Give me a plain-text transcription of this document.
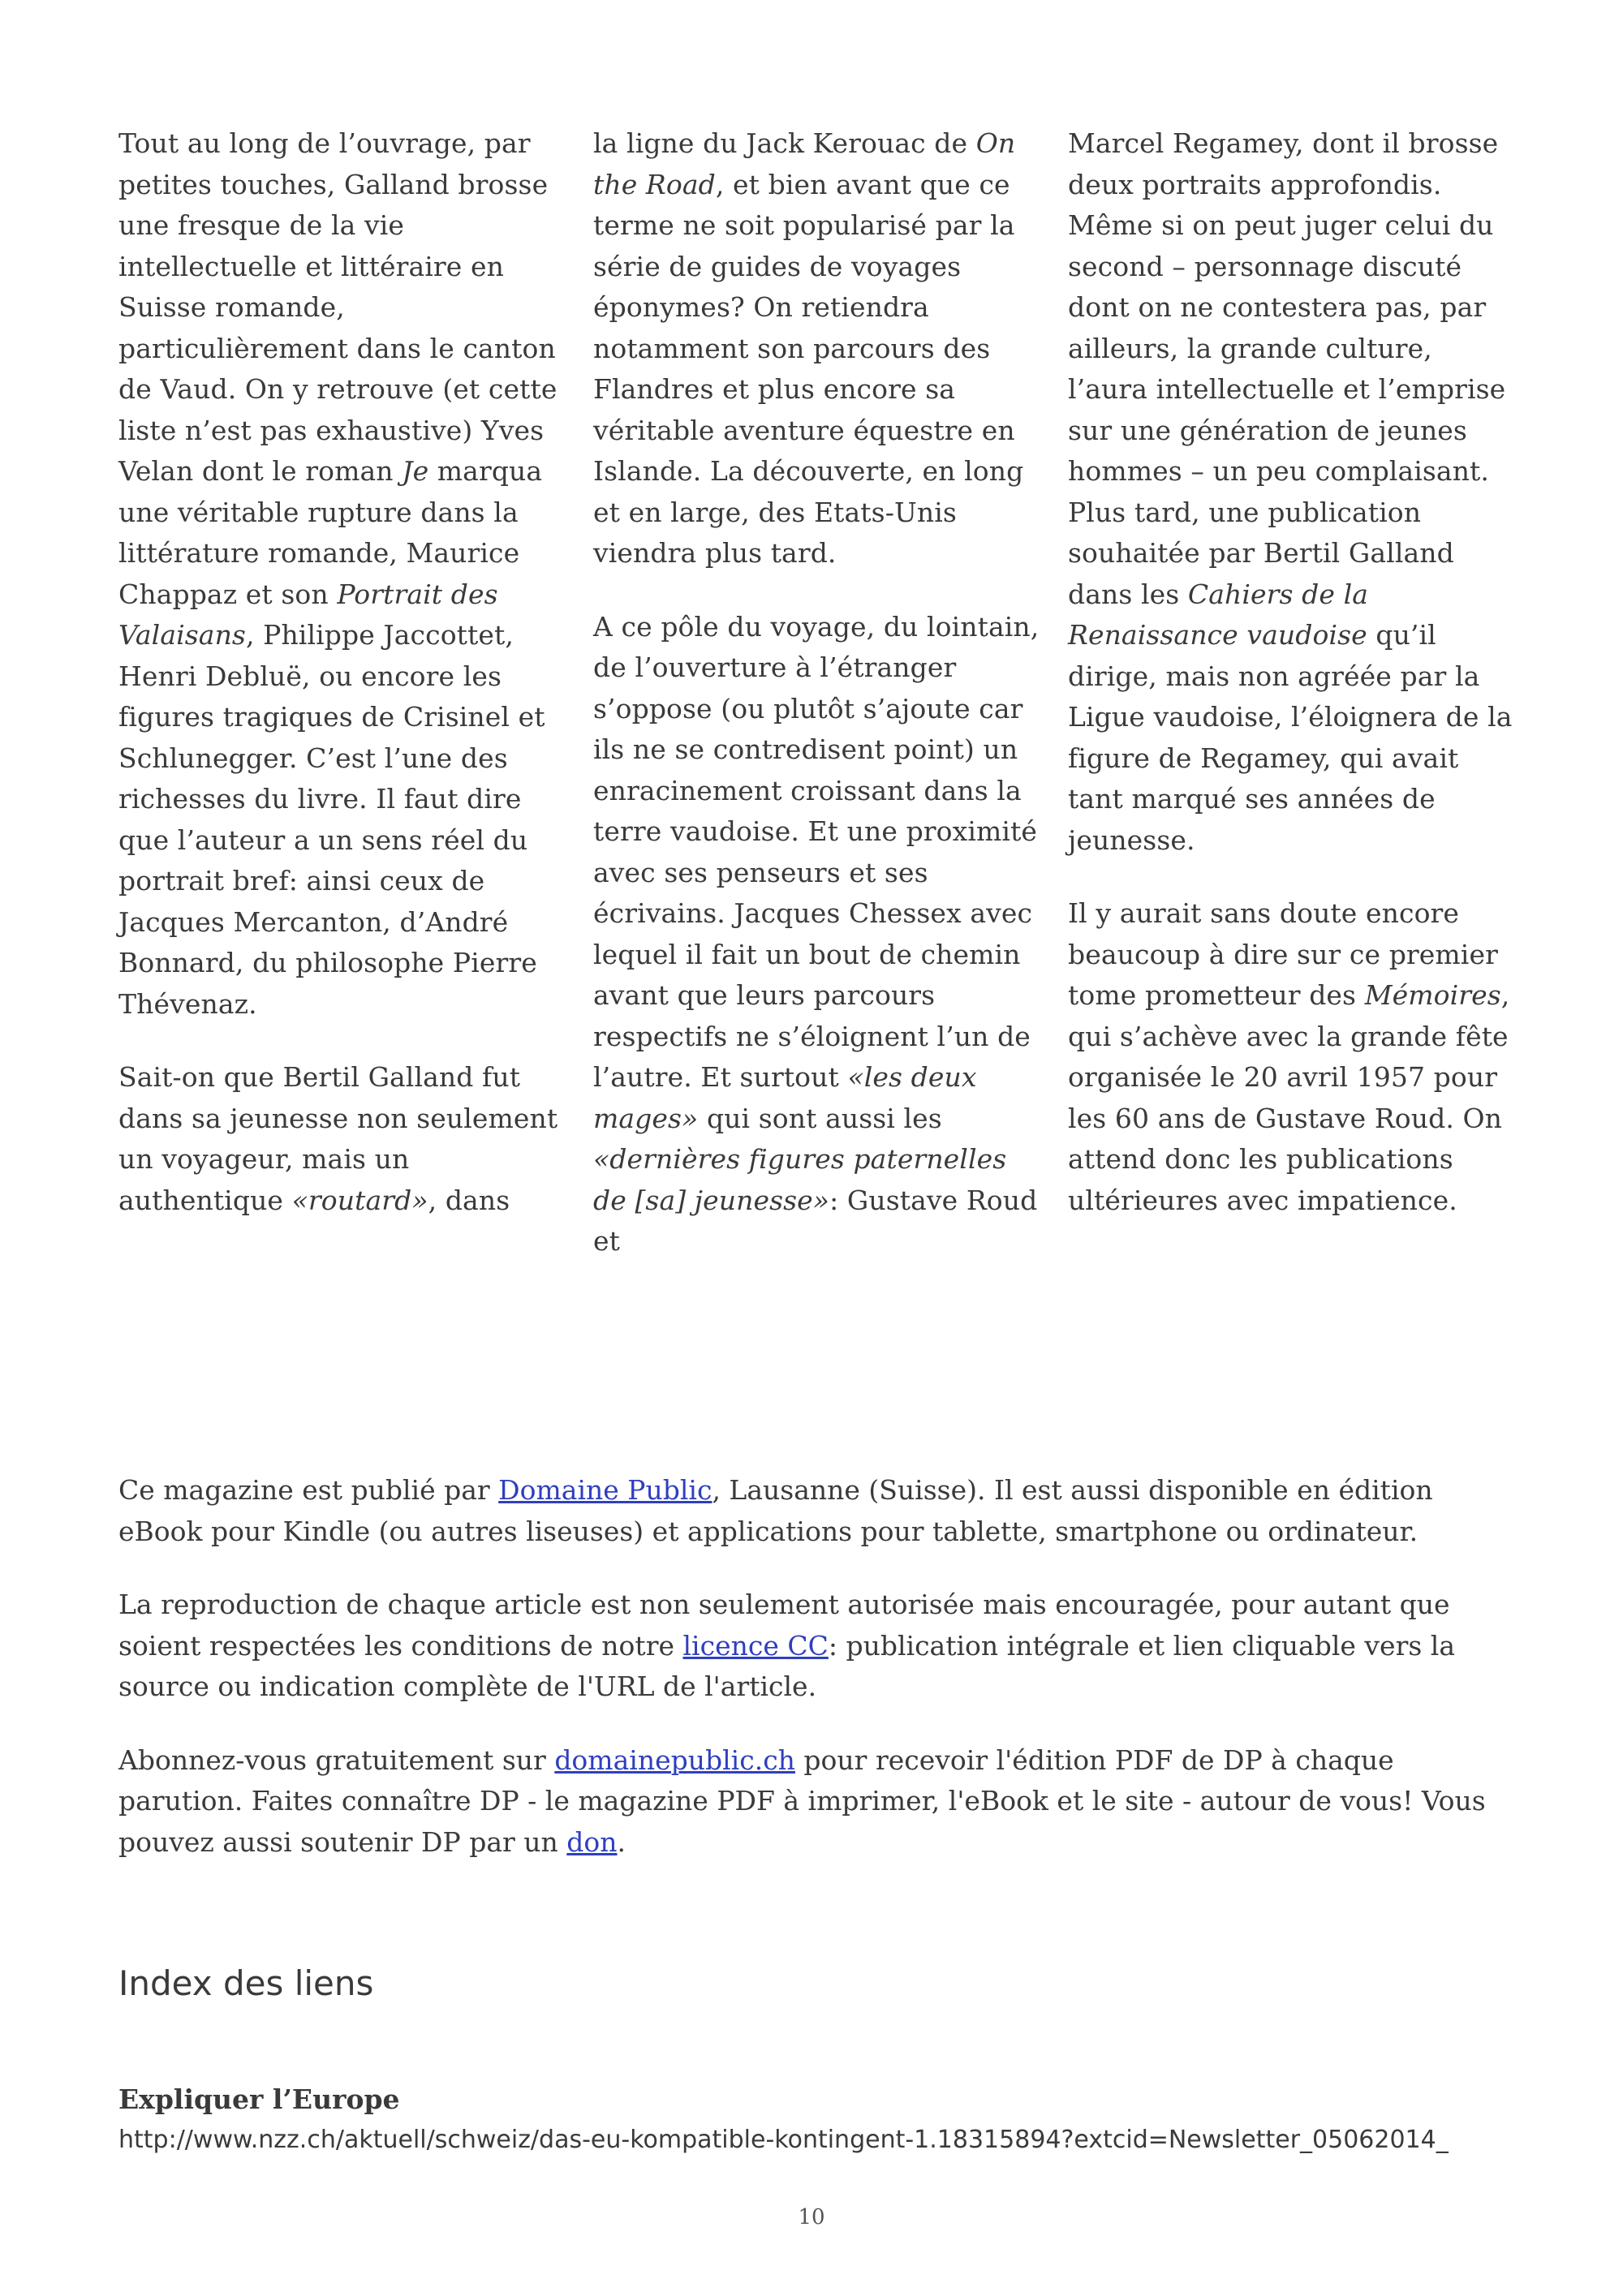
Tout au long de l’ouvrage, par petites touches, Galland brosse une fresque de la vie intellectuelle et littéraire en Suisse romande, particulièrement dans le canton de Vaud. On y retrouve (et cette liste n’est pas exhaustive) Yves Velan dont le roman Je marqua une véritable rupture dans la littérature romande, Maurice Chappaz et son Portrait des Valaisans, Philippe Jaccottet, Henri Debluë, ou encore les figures tragiques de Crisinel et Schlunegger. C’est l’une des richesses du livre. Il faut dire que l’auteur a un sens réel du portrait bref: ainsi ceux de Jacques Mercanton, d’André Bonnard, du philosophe Pierre Thévenaz.

Sait-on que Bertil Galland fut dans sa jeunesse non seulement un voyageur, mais un authentique «routard», dans

la ligne du Jack Kerouac de On the Road, et bien avant que ce terme ne soit popularisé par la série de guides de voyages éponymes? On retiendra notamment son parcours des Flandres et plus encore sa véritable aventure équestre en Islande. La découverte, en long et en large, des Etats-Unis viendra plus tard.

A ce pôle du voyage, du lointain, de l’ouverture à l’étranger s’oppose (ou plutôt s’ajoute car ils ne se contredisent point) un enracinement croissant dans la terre vaudoise. Et une proximité avec ses penseurs et ses écrivains. Jacques Chessex avec lequel il fait un bout de chemin avant que leurs parcours respectifs ne s’éloignent l’un de l’autre. Et surtout «les deux mages» qui sont aussi les «dernières figures paternelles de [sa] jeunesse»: Gustave Roud et

Marcel Regamey, dont il brosse deux portraits approfondis. Même si on peut juger celui du second – personnage discuté dont on ne contestera pas, par ailleurs, la grande culture, l’aura intellectuelle et l’emprise sur une génération de jeunes hommes – un peu complaisant. Plus tard, une publication souhaitée par Bertil Galland dans les Cahiers de la Renaissance vaudoise qu’il dirige, mais non agréée par la Ligue vaudoise, l’éloignera de la figure de Regamey, qui avait tant marqué ses années de jeunesse.

Il y aurait sans doute encore beaucoup à dire sur ce premier tome prometteur des Mémoires, qui s’achève avec la grande fête organisée le 20 avril 1957 pour les 60 ans de Gustave Roud. On attend donc les publications ultérieures avec impatience.

Ce magazine est publié par Domaine Public, Lausanne (Suisse). Il est aussi disponible en édition eBook pour Kindle (ou autres liseuses) et applications pour tablette, smartphone ou ordinateur.

La reproduction de chaque article est non seulement autorisée mais encouragée, pour autant que soient respectées les conditions de notre licence CC: publication intégrale et lien cliquable vers la source ou indication complète de l'URL de l'article.

Abonnez-vous gratuitement sur domainepublic.ch pour recevoir l'édition PDF de DP à chaque parution. Faites connaître DP - le magazine PDF à imprimer, l'eBook et le site - autour de vous! Vous pouvez aussi soutenir DP par un don.

Index des liens
Expliquer l’Europe
http://www.nzz.ch/aktuell/schweiz/das-eu-kompatible-kontingent-1.18315894?extcid=Newsletter_05062014_
10
